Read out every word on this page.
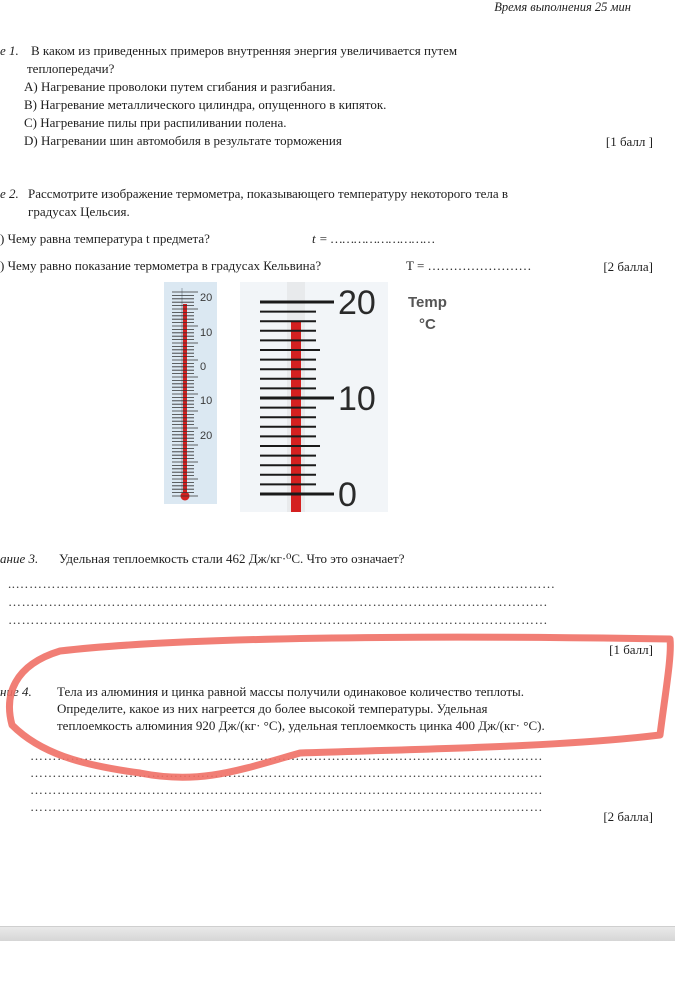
Время выполнения 25 мин
е 1. В каком из приведенных примеров внутренняя энергия увеличивается путем
теплопередачи?
A) Нагревание проволоки путем сгибания и разгибания.
B) Нагревание металлического цилиндра, опущенного в кипяток.
C) Нагревание пилы при распиливании полена.
D) Нагревании шин автомобиля в результате торможения	[1 балл ]
е 2. Рассмотрите изображение термометра, показывающего температуру некоторого тела в
градусах Цельсия.
) Чему равна температура t предмета?	t = ………………………
) Чему равно показание термометра в градусах Кельвина?	T = ……………………	[2 балла]
20
10
0
10
20
20
10
0
Temp
°C
ание 3. Удельная теплоемкость стали 462 Дж/кг·⁰С. Что это означает?
..…………………………………………………………………………………………………………
…………………………………………………………………………………………………………
…………………………………………………………………………………………………………
[1 балл]
ние 4. Тела из алюминия и цинка равной массы получили одинаковое количество теплоты.
Определите, какое из них нагреется до более высокой температуры. Удельная
теплоемкость алюминия 920 Дж/(кг· °С), удельная теплоемкость цинка 400 Дж/(кг· °С).
……………………………………………………………………………………………………
……………………………………………………………………………………………………
……………………………………………………………………………………………………
……………………………………………………………………………………………………
[2 балла]
